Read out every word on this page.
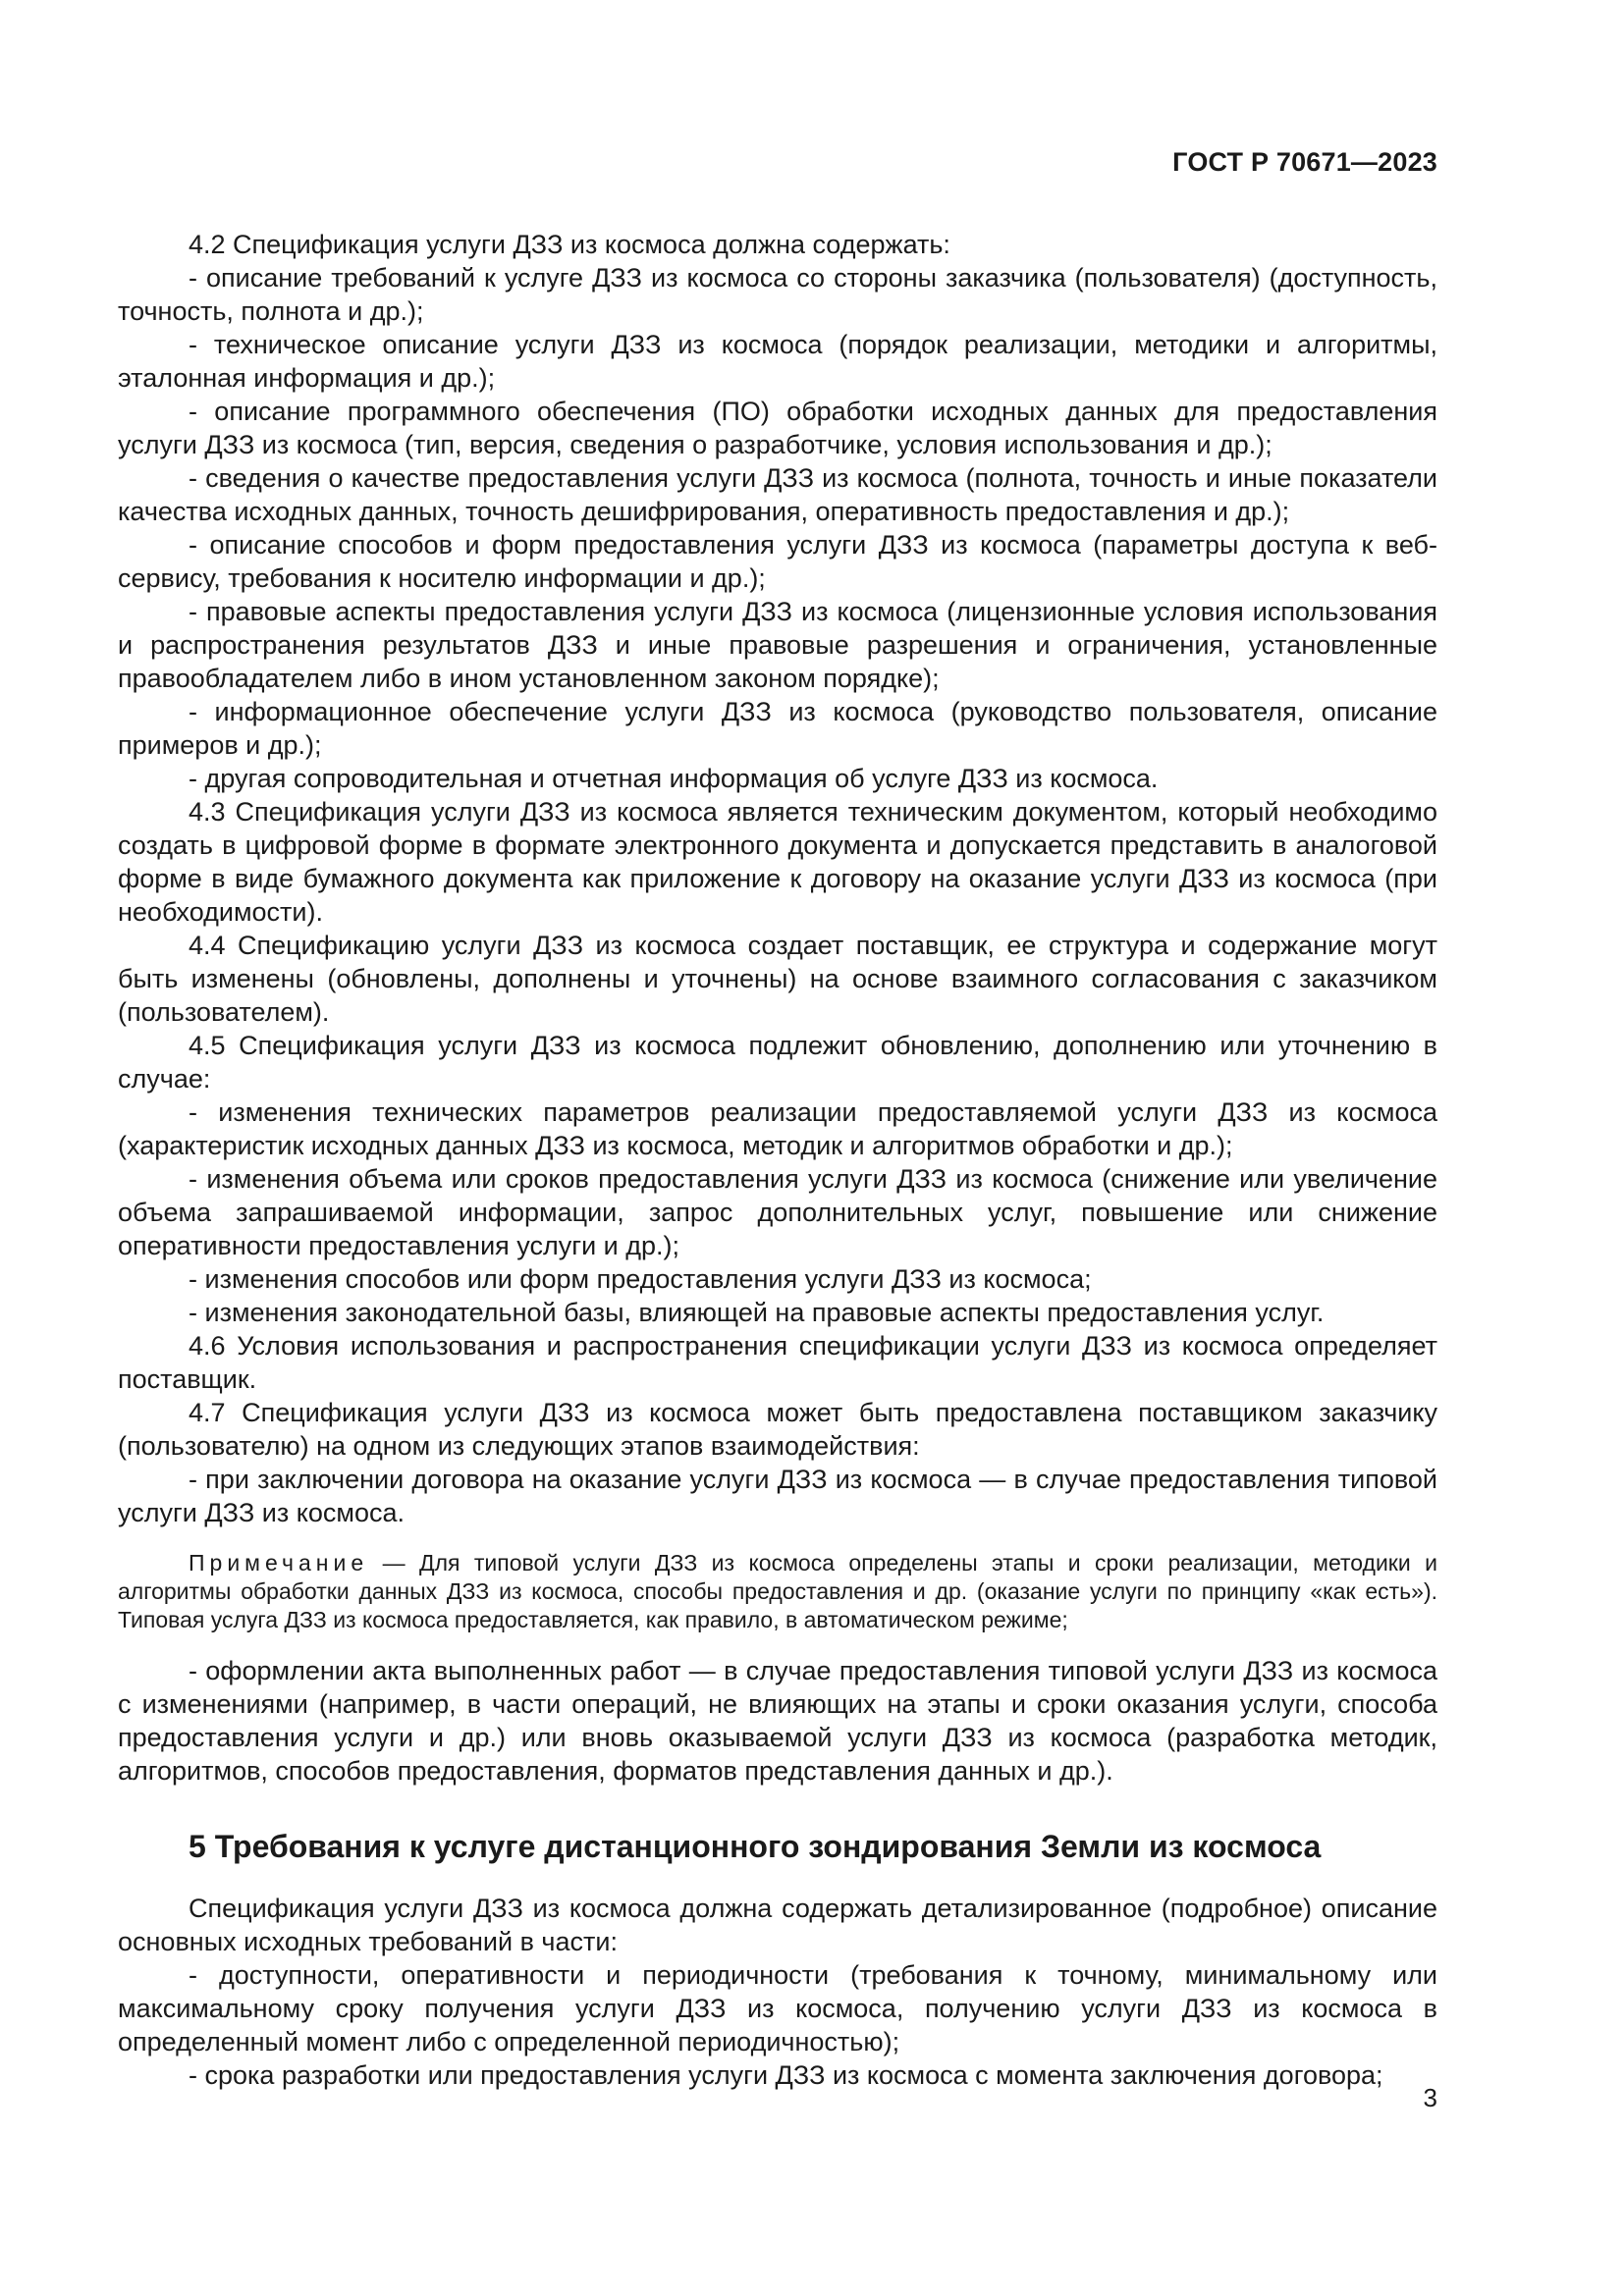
ГОСТ Р 70671—2023

4.2 Спецификация услуги ДЗЗ из космоса должна содержать:

- описание требований к услуге ДЗЗ из космоса со стороны заказчика (пользователя) (доступность, точность, полнота и др.);

- техническое описание услуги ДЗЗ из космоса (порядок реализации, методики и алгоритмы, эталонная информация и др.);

- описание программного обеспечения (ПО) обработки исходных данных для предоставления услуги ДЗЗ из космоса (тип, версия, сведения о разработчике, условия использования и др.);

- сведения о качестве предоставления услуги ДЗЗ из космоса (полнота, точность и иные показатели качества исходных данных, точность дешифрирования, оперативность предоставления и др.);

- описание способов и форм предоставления услуги ДЗЗ из космоса (параметры доступа к веб-сервису, требования к носителю информации и др.);

- правовые аспекты предоставления услуги ДЗЗ из космоса (лицензионные условия использования и распространения результатов ДЗЗ и иные правовые разрешения и ограничения, установленные правообладателем либо в ином установленном законом порядке);

- информационное обеспечение услуги ДЗЗ из космоса (руководство пользователя, описание примеров и др.);

- другая сопроводительная и отчетная информация об услуге ДЗЗ из космоса.

4.3 Спецификация услуги ДЗЗ из космоса является техническим документом, который необходимо создать в цифровой форме в формате электронного документа и допускается представить в аналоговой форме в виде бумажного документа как приложение к договору на оказание услуги ДЗЗ из космоса (при необходимости).

4.4 Спецификацию услуги ДЗЗ из космоса создает поставщик, ее структура и содержание могут быть изменены (обновлены, дополнены и уточнены) на основе взаимного согласования с заказчиком (пользователем).

4.5 Спецификация услуги ДЗЗ из космоса подлежит обновлению, дополнению или уточнению в случае:

- изменения технических параметров реализации предоставляемой услуги ДЗЗ из космоса (характеристик исходных данных ДЗЗ из космоса, методик и алгоритмов обработки и др.);

- изменения объема или сроков предоставления услуги ДЗЗ из космоса (снижение или увеличение объема запрашиваемой информации, запрос дополнительных услуг, повышение или снижение оперативности предоставления услуги и др.);

- изменения способов или форм предоставления услуги ДЗЗ из космоса;

- изменения законодательной базы, влияющей на правовые аспекты предоставления услуг.

4.6 Условия использования и распространения спецификации услуги ДЗЗ из космоса определяет поставщик.

4.7 Спецификация услуги ДЗЗ из космоса может быть предоставлена поставщиком заказчику (пользователю) на одном из следующих этапов взаимодействия:

- при заключении договора на оказание услуги ДЗЗ из космоса — в случае предоставления типовой услуги ДЗЗ из космоса.

Примечание — Для типовой услуги ДЗЗ из космоса определены этапы и сроки реализации, методики и алгоритмы обработки данных ДЗЗ из космоса, способы предоставления и др. (оказание услуги по принципу «как есть»). Типовая услуга ДЗЗ из космоса предоставляется, как правило, в автоматическом режиме;

- оформлении акта выполненных работ — в случае предоставления типовой услуги ДЗЗ из космоса с изменениями (например, в части операций, не влияющих на этапы и сроки оказания услуги, способа предоставления услуги и др.) или вновь оказываемой услуги ДЗЗ из космоса (разработка методик, алгоритмов, способов предоставления, форматов представления данных и др.).

5 Требования к услуге дистанционного зондирования Земли из космоса

Спецификация услуги ДЗЗ из космоса должна содержать детализированное (подробное) описание основных исходных требований в части:

- доступности, оперативности и периодичности (требования к точному, минимальному или максимальному сроку получения услуги ДЗЗ из космоса, получению услуги ДЗЗ из космоса в определенный момент либо с определенной периодичностью);

- срока разработки или предоставления услуги ДЗЗ из космоса с момента заключения договора;

3
